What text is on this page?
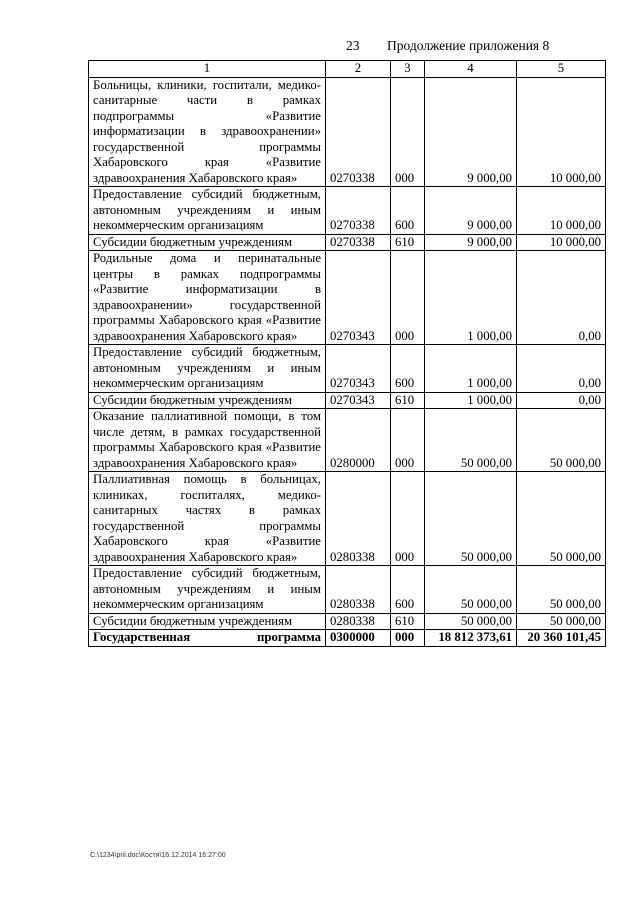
23 Продолжение приложения 8
1	2	3	4	5
Больницы, клиники, госпитали, медико-санитарные части в рамках подпрограммы «Развитие информатизации в здравоохранении» государственной программы Хабаровского края «Развитие здравоохранения Хабаровского края»	0270338	000	9 000,00	10 000,00
Предоставление субсидий бюджетным, автономным учреждениям и иным некоммерческим организациям	0270338	600	9 000,00	10 000,00
Субсидии бюджетным учреждениям	0270338	610	9 000,00	10 000,00
Родильные дома и перинатальные центры в рамках подпрограммы «Развитие информатизации в здравоохранении» государственной программы Хабаровского края «Развитие здравоохранения Хабаровского края»	0270343	000	1 000,00	0,00
Предоставление субсидий бюджетным, автономным учреждениям и иным некоммерческим организациям	0270343	600	1 000,00	0,00
Субсидии бюджетным учреждениям	0270343	610	1 000,00	0,00
Оказание паллиативной помощи, в том числе детям, в рамках государственной программы Хабаровского края «Развитие здравоохранения Хабаровского края»	0280000	000	50 000,00	50 000,00
Паллиативная помощь в больницах, клиниках, госпиталях, медико-санитарных частях в рамках государственной программы Хабаровского края «Развитие здравоохранения Хабаровского края»	0280338	000	50 000,00	50 000,00
Предоставление субсидий бюджетным, автономным учреждениям и иным некоммерческим организациям	0280338	600	50 000,00	50 000,00
Субсидии бюджетным учреждениям	0280338	610	50 000,00	50 000,00
Государственная программа	0300000	000	18 812 373,61	20 360 101,45
C:\1234\pril.doc\Костя\16.12.2014 16:27:00
